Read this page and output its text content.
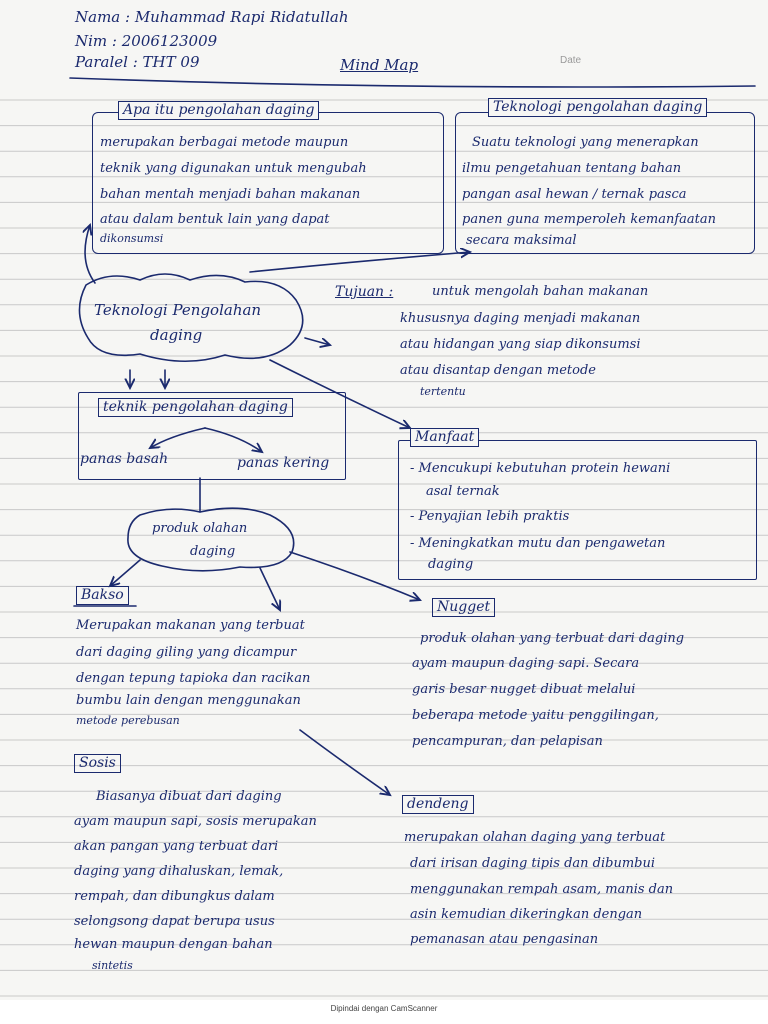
Nama : Muhammad Rapi Ridatullah
Nim : 2006123009
Paralel : THT 09	Mind Map	Date
Apa itu pengolahan daging
merupakan berbagai metode maupun
teknik yang digunakan untuk mengubah
bahan mentah menjadi bahan makanan
atau dalam bentuk lain yang dapat
dikonsumsi
Teknologi pengolahan daging
Suatu teknologi yang menerapkan
ilmu pengetahuan tentang bahan
pangan asal hewan / ternak pasca
panen guna memperoleh kemanfaatan
secara maksimal
Teknologi Pengolahan
daging
Tujuan :	untuk mengolah bahan makanan
khususnya daging menjadi makanan
atau hidangan yang siap dikonsumsi
atau disantap dengan metode
tertentu
teknik pengolahan daging
panas basah	panas kering
Manfaat
- Mencukupi kebutuhan protein hewani
asal ternak
- Penyajian lebih praktis
- Meningkatkan mutu dan pengawetan
daging
produk olahan
daging
Bakso
Merupakan makanan yang terbuat
dari daging giling yang dicampur
dengan tepung tapioka dan racikan
bumbu lain dengan menggunakan
metode perebusan
Nugget
produk olahan yang terbuat dari daging
ayam maupun daging sapi. Secara
garis besar nugget dibuat melalui
beberapa metode yaitu penggilingan,
pencampuran, dan pelapisan
Sosis
Biasanya dibuat dari daging
ayam maupun sapi, sosis merupakan
akan pangan yang terbuat dari
daging yang dihaluskan, lemak,
rempah, dan dibungkus dalam
selongsong dapat berupa usus
hewan maupun dengan bahan
sintetis
dendeng
merupakan olahan daging yang terbuat
dari irisan daging tipis dan dibumbui
menggunakan rempah asam, manis dan
asin kemudian dikeringkan dengan
pemanasan atau pengasinan
Dipindai dengan CamScanner
